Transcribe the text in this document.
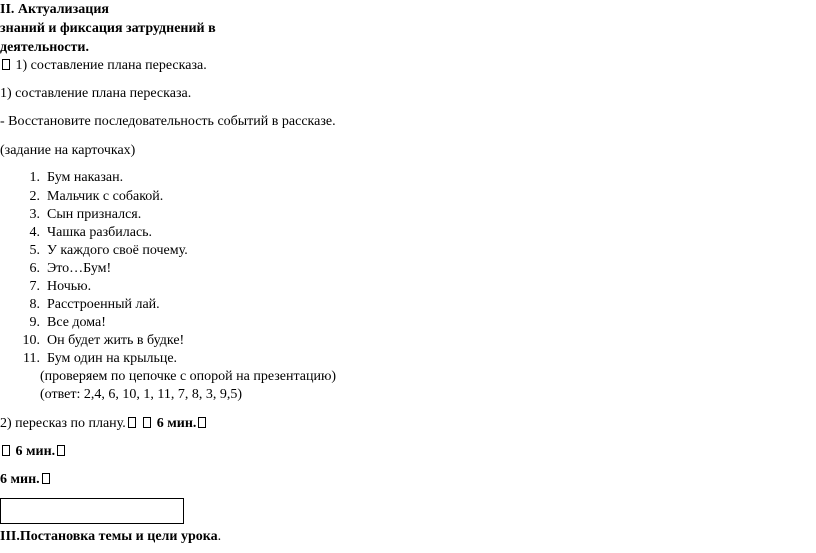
II. Актуализация
знаний и фиксация затруднений в
деятельности.
1) составление плана пересказа.
1) составление плана пересказа.
- Восстановите последовательность событий в рассказе.
(задание на карточках)
1. Бум наказан.
2. Мальчик с собакой.
3. Сын признался.
4. Чашка разбилась.
5. У каждого своё почему.
6. Это…Бум!
7. Ночью.
8. Расстроенный лай.
9. Все дома!
10. Он будет жить в будке!
11. Бум один на крыльце.
(проверяем по цепочке с опорой на презентацию)
(ответ: 2,4, 6, 10, 1, 11, 7, 8, 3, 9,5)
2) пересказ по плану. 6 мин.
6 мин.
6 мин.
III.Постановка темы и цели урока.
